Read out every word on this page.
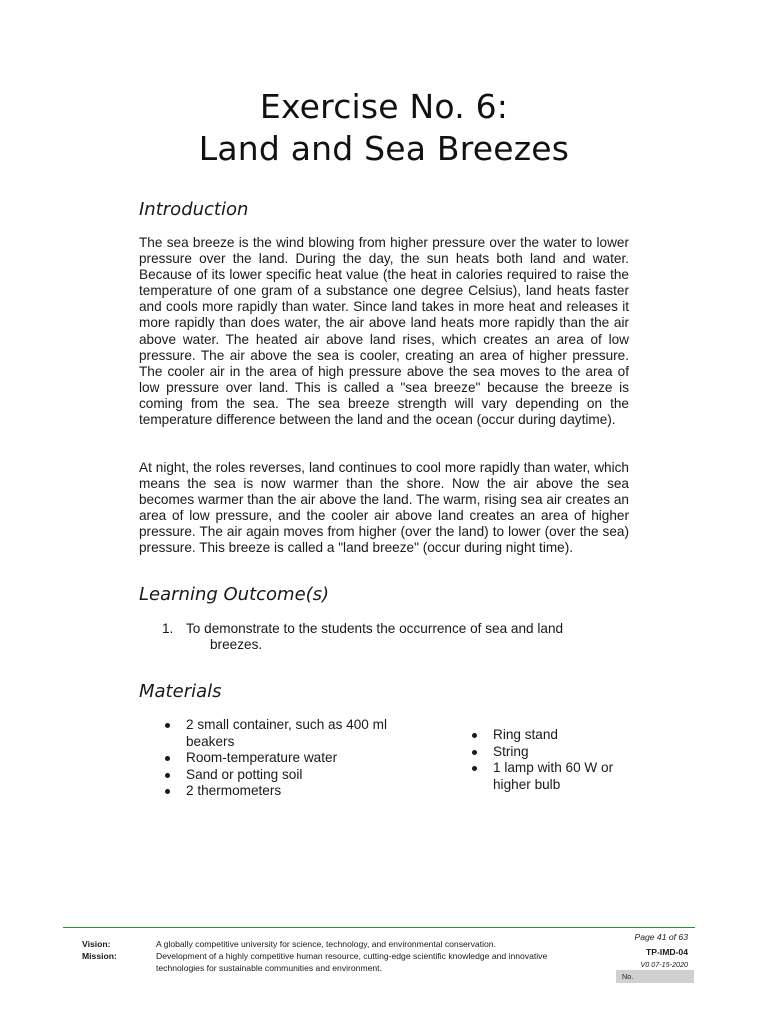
Exercise No. 6:
Land and Sea Breezes
Introduction

The sea breeze is the wind blowing from higher pressure over the water to lower pressure over the land. During the day, the sun heats both land and water. Because of its lower specific heat value (the heat in calories required to raise the temperature of one gram of a substance one degree Celsius), land heats faster and cools more rapidly than water. Since land takes in more heat and releases it more rapidly than does water, the air above land heats more rapidly than the air above water. The heated air above land rises, which creates an area of low pressure. The air above the sea is cooler, creating an area of higher pressure. The cooler air in the area of high pressure above the sea moves to the area of low pressure over land. This is called a "sea breeze" because the breeze is coming from the sea. The sea breeze strength will vary depending on the temperature difference between the land and the ocean (occur during daytime).

At night, the roles reverses, land continues to cool more rapidly than water, which means the sea is now warmer than the shore. Now the air above the sea becomes warmer than the air above the land. The warm, rising sea air creates an area of low pressure, and the cooler air above land creates an area of higher pressure. The air again moves from higher (over the land) to lower (over the sea) pressure. This breeze is called a "land breeze" (occur during night time).

Learning Outcome(s)
1. To demonstrate to the students the occurrence of sea and land
breezes.
Materials
2 small container, such as 400 ml beakers
Room-temperature water
Sand or potting soil
2 thermometers
Ring stand
String
1 lamp with 60 W or higher bulb
Vision:	A globally competitive university for science, technology, and environmental conservation.
Mission:	Development of a highly competitive human resource, cutting-edge scientific knowledge and innovative technologies for sustainable communities and environment.
Page 41 of 63
TP-IMD-04
V0 07-15-2020
No.
